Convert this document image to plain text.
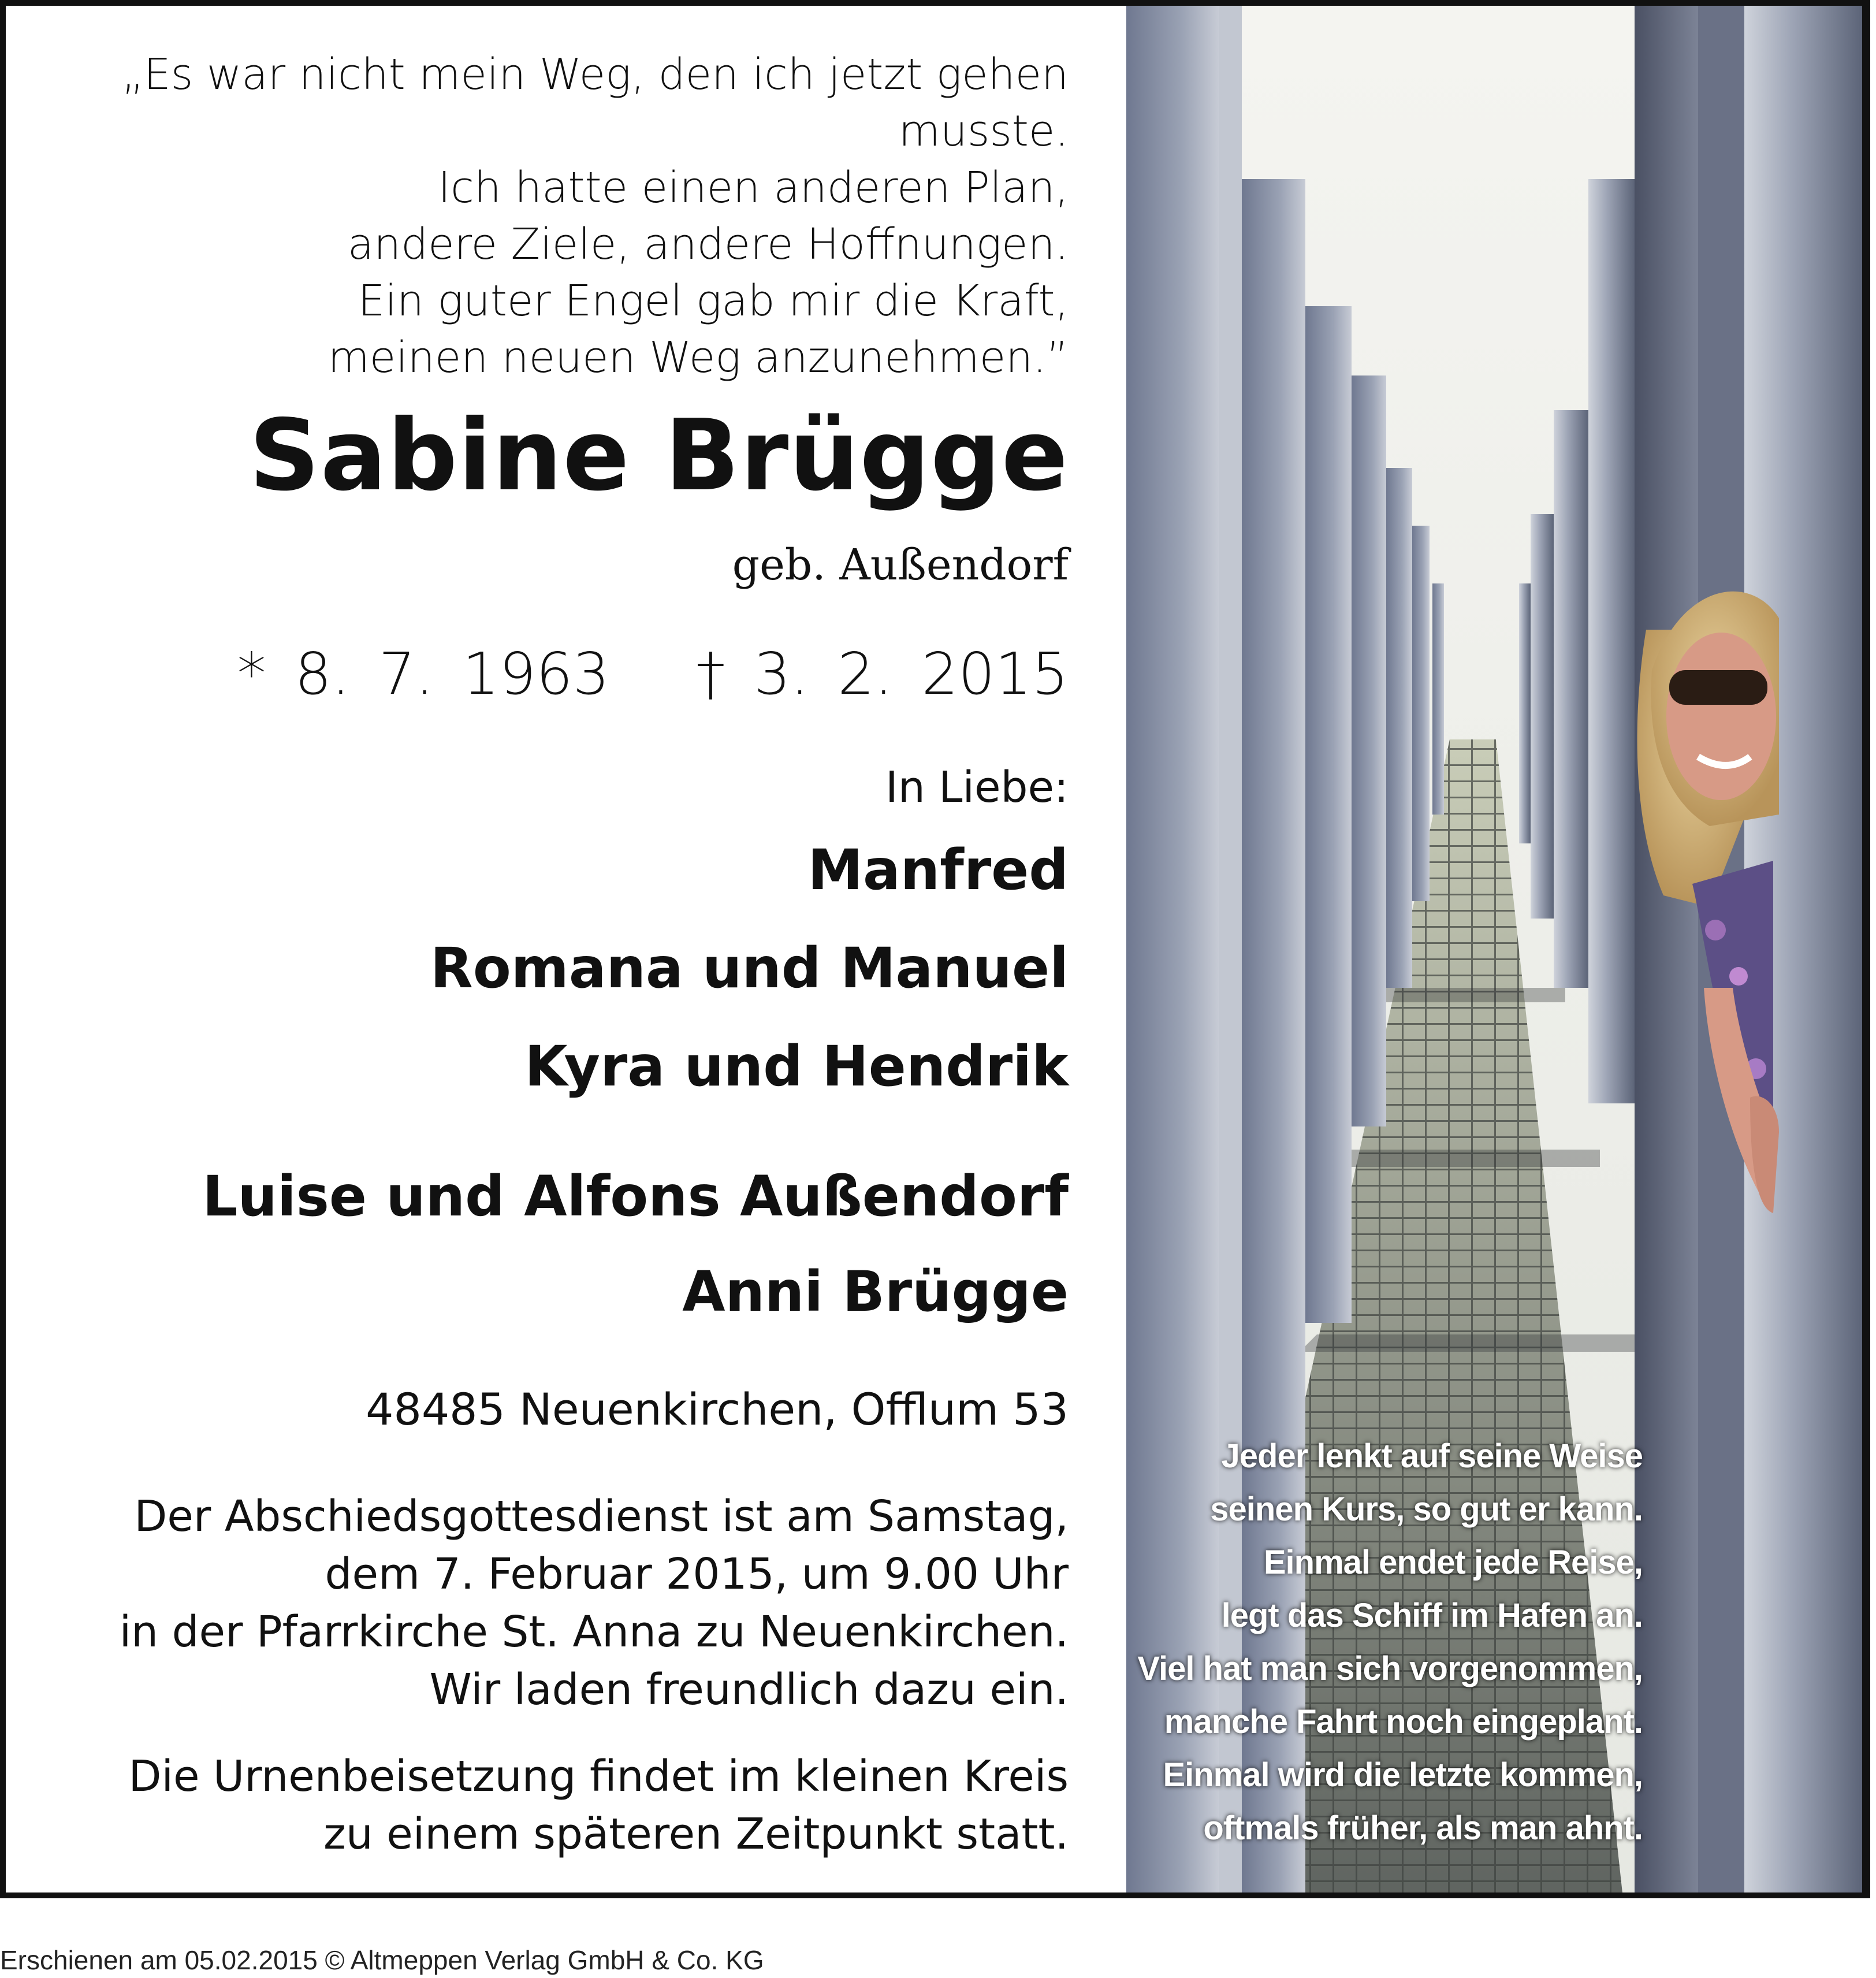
„Es war nicht mein Weg, den ich jetzt gehen musste.
Ich hatte einen anderen Plan,
andere Ziele, andere Hoffnungen.
Ein guter Engel gab mir die Kraft,
meinen neuen Weg anzunehmen.”
Sabine Brügge
geb. Außendorf
* 8. 7. 1963 † 3. 2. 2015
In Liebe:
Manfred
Romana und Manuel
Kyra und Hendrik
Luise und Alfons Außendorf
Anni Brügge
48485 Neuenkirchen, Offlum 53
Der Abschiedsgottesdienst ist am Samstag,
dem 7. Februar 2015, um 9.00 Uhr
in der Pfarrkirche St. Anna zu Neuenkirchen.
Wir laden freundlich dazu ein.
Die Urnenbeisetzung findet im kleinen Kreis
zu einem späteren Zeitpunkt statt.
Jeder lenkt auf seine Weise
seinen Kurs, so gut er kann.
Einmal endet jede Reise,
legt das Schiff im Hafen an.
Viel hat man sich vorgenommen,
manche Fahrt noch eingeplant.
Einmal wird die letzte kommen,
oftmals früher, als man ahnt.
Erschienen am 05.02.2015 © Altmeppen Verlag GmbH & Co. KG
